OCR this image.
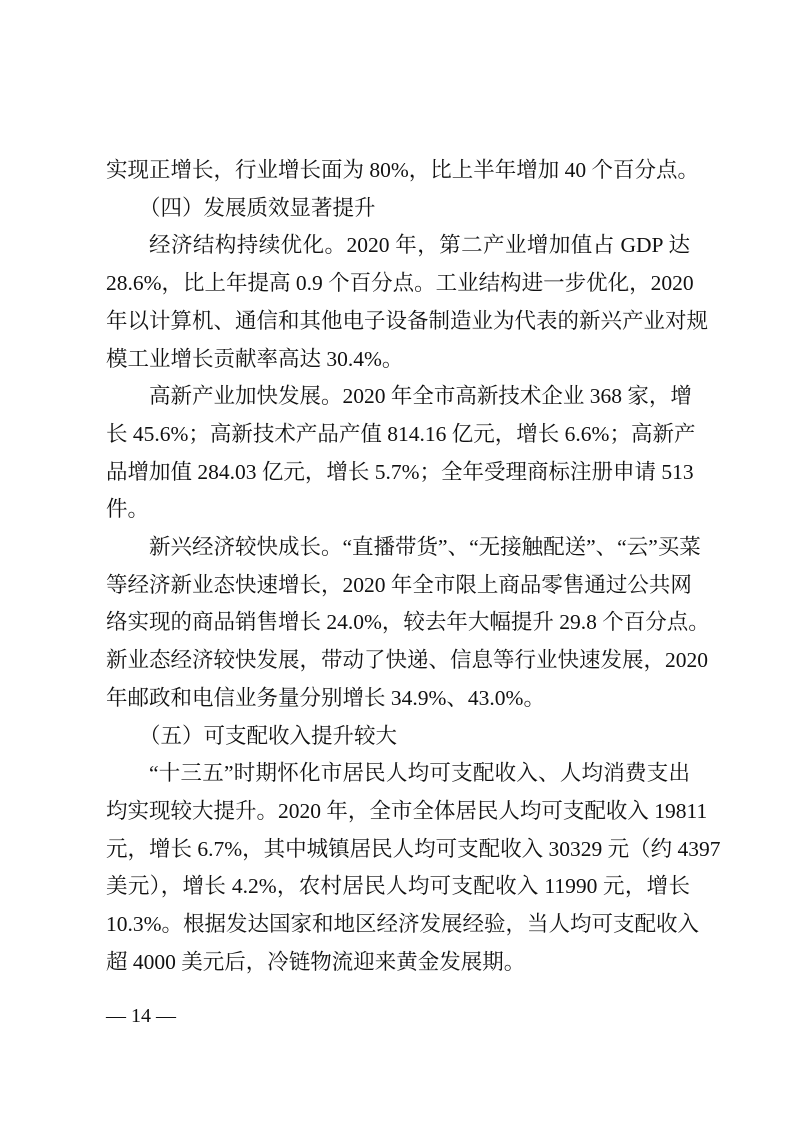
— 14 —
实现正增长，行业增长面为 80%，比上半年增加 40 个百分点。
（四）发展质效显著提升
经济结构持续优化。2020 年，第二产业增加值占 GDP 达
28.6%，比上年提高 0.9 个百分点。工业结构进一步优化，2020
年以计算机、通信和其他电子设备制造业为代表的新兴产业对规
模工业增长贡献率高达 30.4%。
高新产业加快发展。2020 年全市高新技术企业 368 家，增
长 45.6%；高新技术产品产值 814.16 亿元，增长 6.6%；高新产
品增加值 284.03 亿元，增长 5.7%；全年受理商标注册申请 513
件。
新兴经济较快成长。“直播带货”、“无接触配送”、“云”买菜
等经济新业态快速增长，2020 年全市限上商品零售通过公共网
络实现的商品销售增长 24.0%，较去年大幅提升 29.8 个百分点。
新业态经济较快发展，带动了快递、信息等行业快速发展，2020
年邮政和电信业务量分别增长 34.9%、43.0%。
（五）可支配收入提升较大
“十三五”时期怀化市居民人均可支配收入、人均消费支出
均实现较大提升。2020 年，全市全体居民人均可支配收入 19811
元，增长 6.7%，其中城镇居民人均可支配收入 30329 元（约 4397
美元），增长 4.2%，农村居民人均可支配收入 11990 元，增长
10.3%。根据发达国家和地区经济发展经验，当人均可支配收入
超 4000 美元后，冷链物流迎来黄金发展期。
